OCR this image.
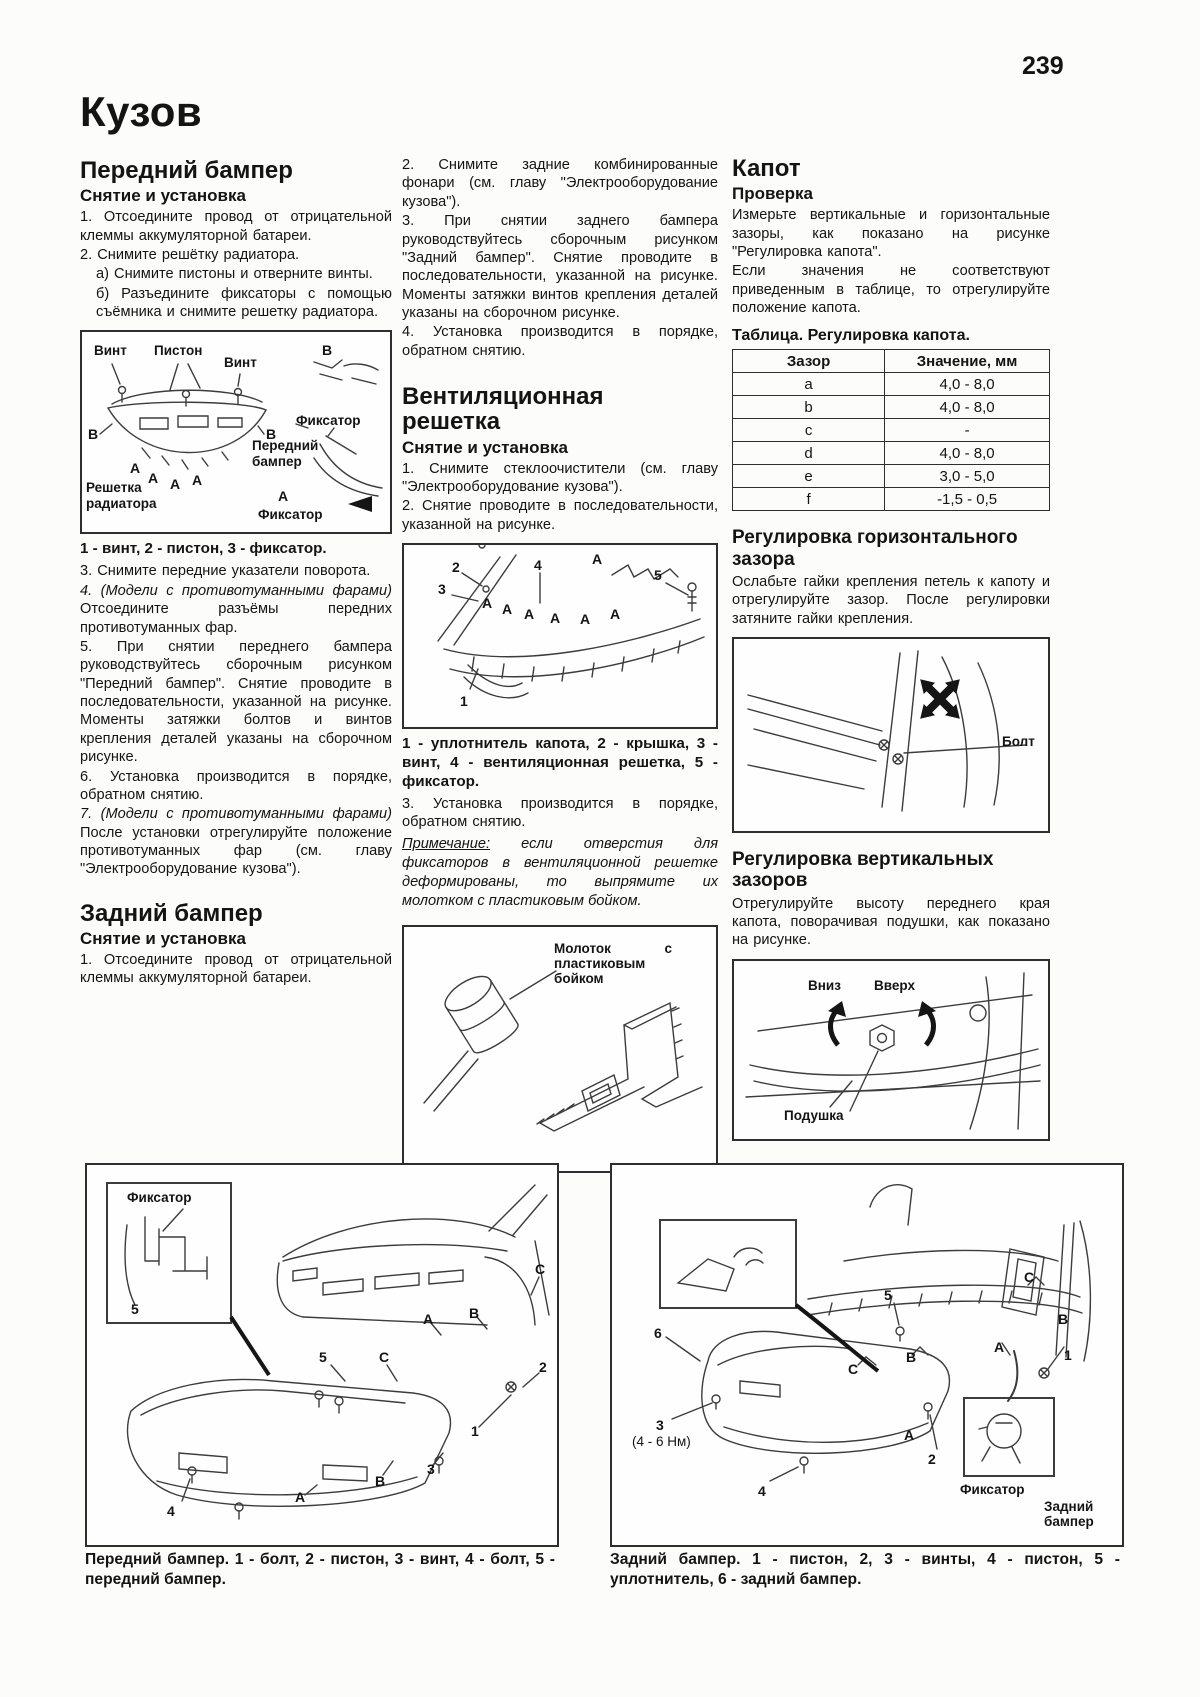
239
Кузов
Передний бампер
Снятие и установка

1. Отсоедините провод от отрицательной клеммы аккумуляторной батареи.

2. Снимите решётку радиатора.

а) Снимите пистоны и отверните винты.

б) Разъедините фиксаторы с помощью съёмника и снимите решетку радиатора.

Винт Пистон
Винт
B
Фиксатор
Передний бампер
B	B
A
A A A
Решетка радиатора	A
Фиксатор

1 - винт, 2 - пистон, 3 - фиксатор.

3. Снимите передние указатели поворота.

4. (Модели с противотуманными фарами) Отсоедините разъёмы передних противотуманных фар.

5. При снятии переднего бампера руководствуйтесь сборочным рисунком "Передний бампер". Снятие проводите в последовательности, указанной на рисунке. Моменты затяжки болтов и винтов крепления деталей указаны на сборочном рисунке.

6. Установка производится в порядке, обратном снятию.

7. (Модели с противотуманными фарами) После установки отрегулируйте положение противотуманных фар (см. главу "Электрооборудование кузова").

Задний бампер
Снятие и установка

1. Отсоедините провод от отрицательной клеммы аккумуляторной батареи.

2. Снимите задние комбинированные фонари (см. главу "Электрооборудование кузова").

3. При снятии заднего бампера руководствуйтесь сборочным рисунком "Задний бампер". Снятие проводите в последовательности, указанной на рисунке. Моменты затяжки винтов крепления деталей указаны на сборочном рисунке.

4. Установка производится в порядке, обратном снятию.

Вентиляционная решетка
Снятие и установка

1. Снимите стеклоочистители (см. главу "Электрооборудование кузова").

2. Снятие проводите в последовательности, указанной на рисунке.

2
3
4	A
5
A A A A A A
1

1 - уплотнитель капота, 2 - крышка, 3 - винт, 4 - вентиляционная решетка, 5 - фиксатор.

3. Установка производится в порядке, обратном снятию.

Примечание: если отверстия для фиксаторов в вентиляционной решетке деформированы, то выпрямите их молотком с пластиковым бойком.

Молоток с пластиковым бойком
Капот
Проверка

Измерьте вертикальные и горизонтальные зазоры, как показано на рисунке "Регулировка капота".

Если значения не соответствуют приведенным в таблице, то отрегулируйте положение капота.

Таблица. Регулировка капота.

Зазор	Значение, мм
a	4,0 - 8,0
b	4,0 - 8,0
c	-
d	4,0 - 8,0
e	3,0 - 5,0
f	-1,5 - 0,5
Регулировка горизонтального зазора

Ослабьте гайки крепления петель к капоту и отрегулируйте зазор. После регулировки затяните гайки крепления.

Болт
Регулировка вертикальных зазоров

Отрегулируйте высоту переднего края капота, поворачивая подушки, как показано на рисунке.

Вниз Вверх
Подушка
Фиксатор
5
C
B
A
2
5	C
1
3
B
A
4
Передний бампер. 1 - болт, 2 - пистон, 3 - винт, 4 - болт, 5 - передний бампер.
6
5
C
B
C
B
1
A
A
2
3
(4 - 6 Нм)
4	Фиксатор
Задний бампер
Задний бампер. 1 - пистон, 2, 3 - винты, 4 - пистон, 5 - уплотнитель, 6 - задний бампер.
